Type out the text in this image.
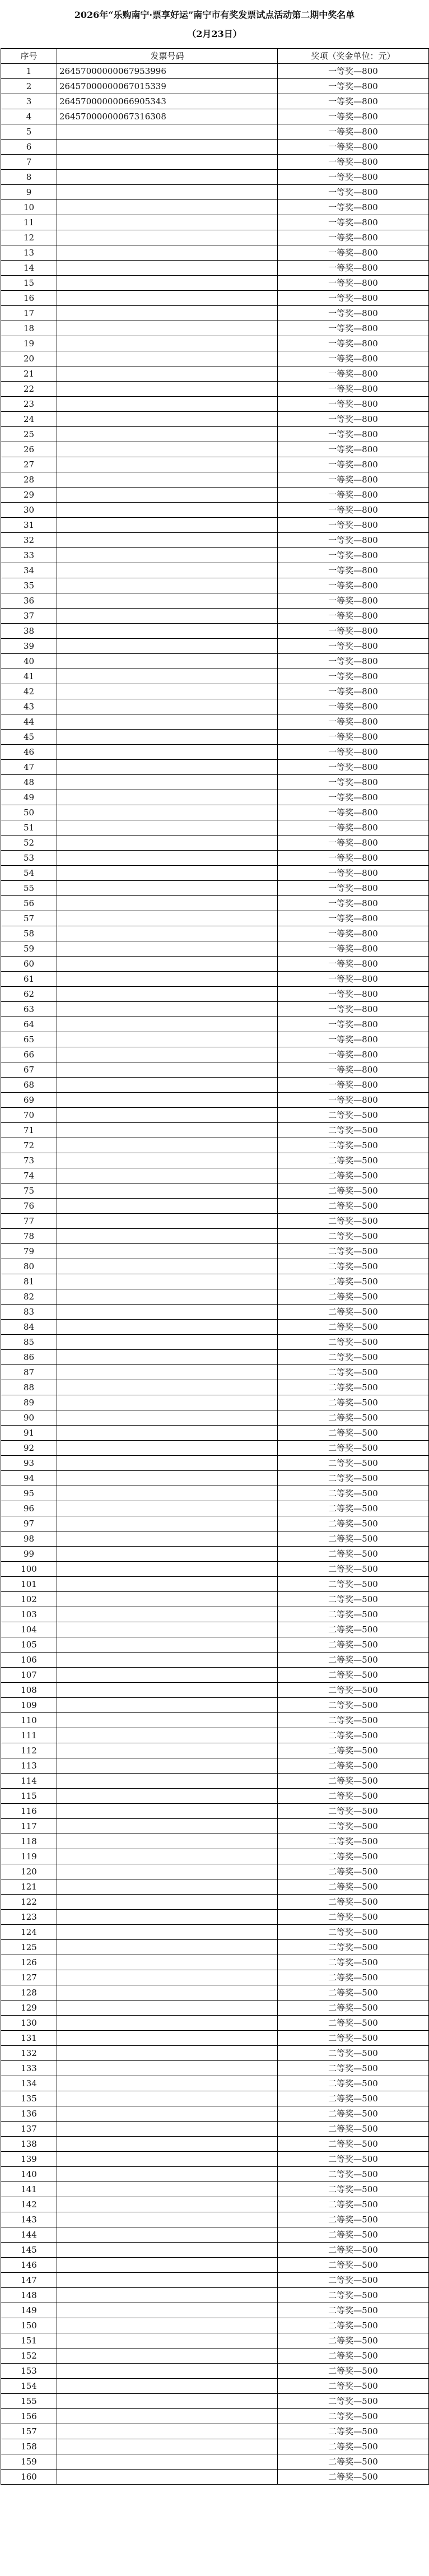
2026年“乐购南宁·票享好运”南宁市有奖发票试点活动第二期中奖名单
（2月23日）
序号	发票号码	奖项（奖金单位：元）
1	26457000000067953996	一等奖—800
2	26457000000067015339	一等奖—800
3	26457000000066905343	一等奖—800
4	26457000000067316308	一等奖—800
5		一等奖—800
6		一等奖—800
7		一等奖—800
8		一等奖—800
9		一等奖—800
10		一等奖—800
11		一等奖—800
12		一等奖—800
13		一等奖—800
14		一等奖—800
15		一等奖—800
16		一等奖—800
17		一等奖—800
18		一等奖—800
19		一等奖—800
20		一等奖—800
21		一等奖—800
22		一等奖—800
23		一等奖—800
24		一等奖—800
25		一等奖—800
26		一等奖—800
27		一等奖—800
28		一等奖—800
29		一等奖—800
30		一等奖—800
31		一等奖—800
32		一等奖—800
33		一等奖—800
34		一等奖—800
35		一等奖—800
36		一等奖—800
37		一等奖—800
38		一等奖—800
39		一等奖—800
40		一等奖—800
41		一等奖—800
42		一等奖—800
43		一等奖—800
44		一等奖—800
45		一等奖—800
46		一等奖—800
47		一等奖—800
48		一等奖—800
49		一等奖—800
50		一等奖—800
51		一等奖—800
52		一等奖—800
53		一等奖—800
54		一等奖—800
55		一等奖—800
56		一等奖—800
57		一等奖—800
58		一等奖—800
59		一等奖—800
60		一等奖—800
61		一等奖—800
62		一等奖—800
63		一等奖—800
64		一等奖—800
65		一等奖—800
66		一等奖—800
67		一等奖—800
68		一等奖—800
69		一等奖—800
70		二等奖—500
71		二等奖—500
72		二等奖—500
73		二等奖—500
74		二等奖—500
75		二等奖—500
76		二等奖—500
77		二等奖—500
78		二等奖—500
79		二等奖—500
80		二等奖—500
81		二等奖—500
82		二等奖—500
83		二等奖—500
84		二等奖—500
85		二等奖—500
86		二等奖—500
87		二等奖—500
88		二等奖—500
89		二等奖—500
90		二等奖—500
91		二等奖—500
92		二等奖—500
93		二等奖—500
94		二等奖—500
95		二等奖—500
96		二等奖—500
97		二等奖—500
98		二等奖—500
99		二等奖—500
100		二等奖—500
101		二等奖—500
102		二等奖—500
103		二等奖—500
104		二等奖—500
105		二等奖—500
106		二等奖—500
107		二等奖—500
108		二等奖—500
109		二等奖—500
110		二等奖—500
111		二等奖—500
112		二等奖—500
113		二等奖—500
114		二等奖—500
115		二等奖—500
116		二等奖—500
117		二等奖—500
118		二等奖—500
119		二等奖—500
120		二等奖—500
121		二等奖—500
122		二等奖—500
123		二等奖—500
124		二等奖—500
125		二等奖—500
126		二等奖—500
127		二等奖—500
128		二等奖—500
129		二等奖—500
130		二等奖—500
131		二等奖—500
132		二等奖—500
133		二等奖—500
134		二等奖—500
135		二等奖—500
136		二等奖—500
137		二等奖—500
138		二等奖—500
139		二等奖—500
140		二等奖—500
141		二等奖—500
142		二等奖—500
143		二等奖—500
144		二等奖—500
145		二等奖—500
146		二等奖—500
147		二等奖—500
148		二等奖—500
149		二等奖—500
150		二等奖—500
151		二等奖—500
152		二等奖—500
153		二等奖—500
154		二等奖—500
155		二等奖—500
156		二等奖—500
157		二等奖—500
158		二等奖—500
159		二等奖—500
160		二等奖—500
